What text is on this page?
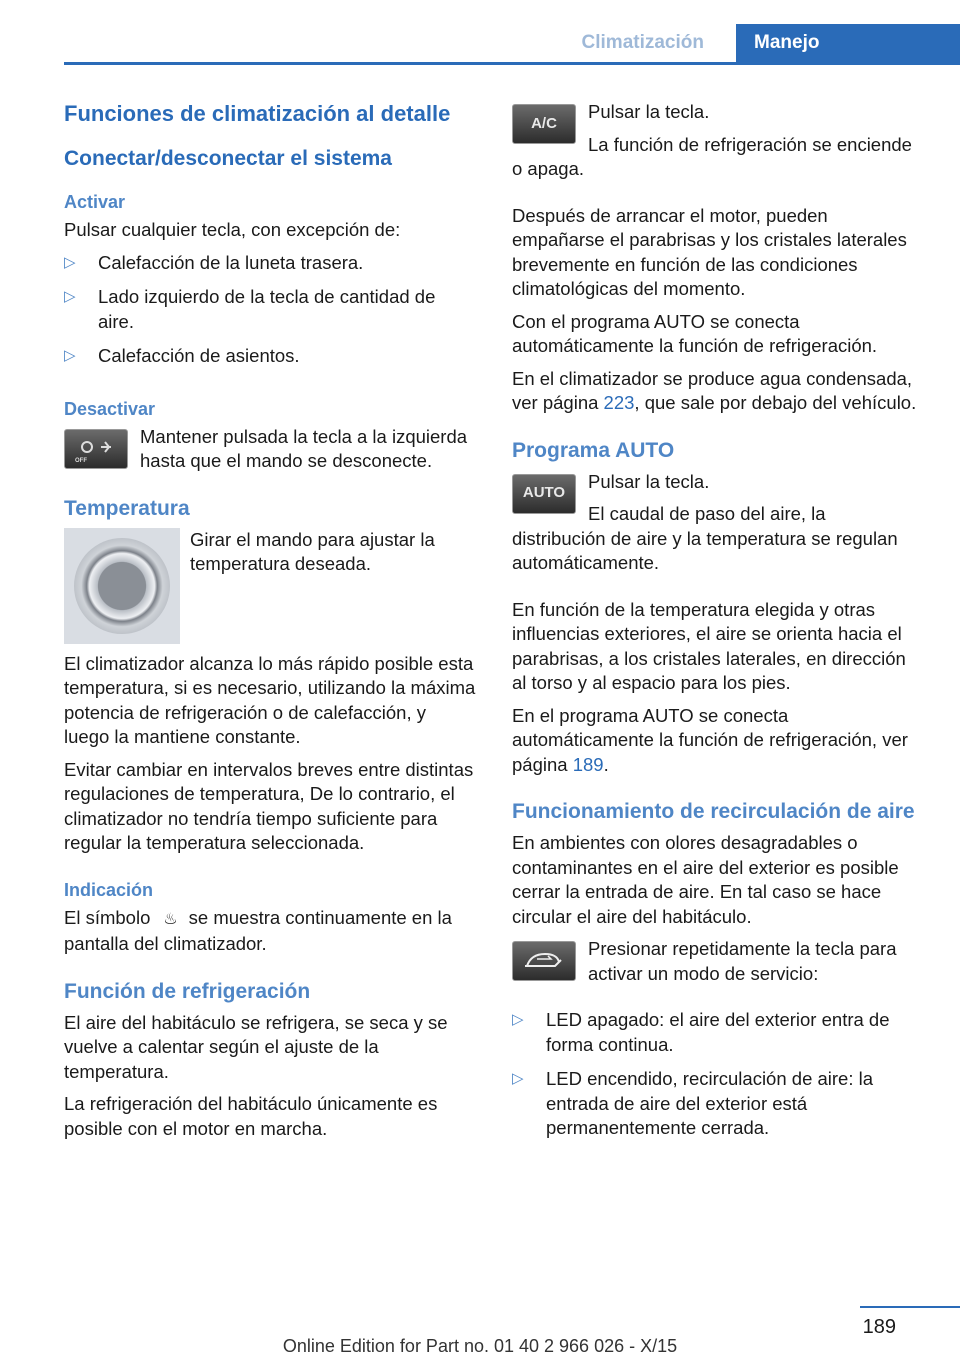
Climatización	Manejo
Funciones de climatización al detalle
Conectar/desconectar el sistema
Activar

Pulsar cualquier tecla, con excepción de:

▷ Calefacción de la luneta trasera.
▷ Lado izquierdo de la tecla de cantidad de aire.
▷ Calefacción de asientos.
Desactivar
OFF

Mantener pulsada la tecla a la izquierda hasta que el mando se desconecte.

Temperatura

Girar el mando para ajustar la temperatura deseada.

El climatizador alcanza lo más rápido posible esta temperatura, si es necesario, utilizando la máxima potencia de refrigeración o de calefacción, y luego la mantiene constante.

Evitar cambiar en intervalos breves entre distintas regulaciones de temperatura, De lo contrario, el climatizador no tendría tiempo suficiente para regular la temperatura seleccionada.

Indicación

El símbolo ♨ se muestra continuamente en la pantalla del climatizador.

Función de refrigeración

El aire del habitáculo se refrigera, se seca y se vuelve a calentar según el ajuste de la temperatura.

La refrigeración del habitáculo únicamente es posible con el motor en marcha.

A/C

Pulsar la tecla.

La función de refrigeración se enciende o apaga.

Después de arrancar el motor, pueden empañarse el parabrisas y los cristales laterales brevemente en función de las condiciones climatológicas del momento.

Con el programa AUTO se conecta automáticamente la función de refrigeración.

En el climatizador se produce agua condensada, ver página 223, que sale por debajo del vehículo.

Programa AUTO
AUTO

Pulsar la tecla.

El caudal de paso del aire, la distribución de aire y la temperatura se regulan automáticamente.

En función de la temperatura elegida y otras influencias exteriores, el aire se orienta hacia el parabrisas, a los cristales laterales, en dirección al torso y al espacio para los pies.

En el programa AUTO se conecta automáticamente la función de refrigeración, ver página 189.

Funcionamiento de recirculación de aire

En ambientes con olores desagradables o contaminantes en el aire del exterior es posible cerrar la entrada de aire. En tal caso se hace circular el aire del habitáculo.

Presionar repetidamente la tecla para activar un modo de servicio:

▷ LED apagado: el aire del exterior entra de forma continua.
▷ LED encendido, recirculación de aire: la entrada de aire del exterior está permanentemente cerrada.
189
Online Edition for Part no. 01 40 2 966 026 - X/15
